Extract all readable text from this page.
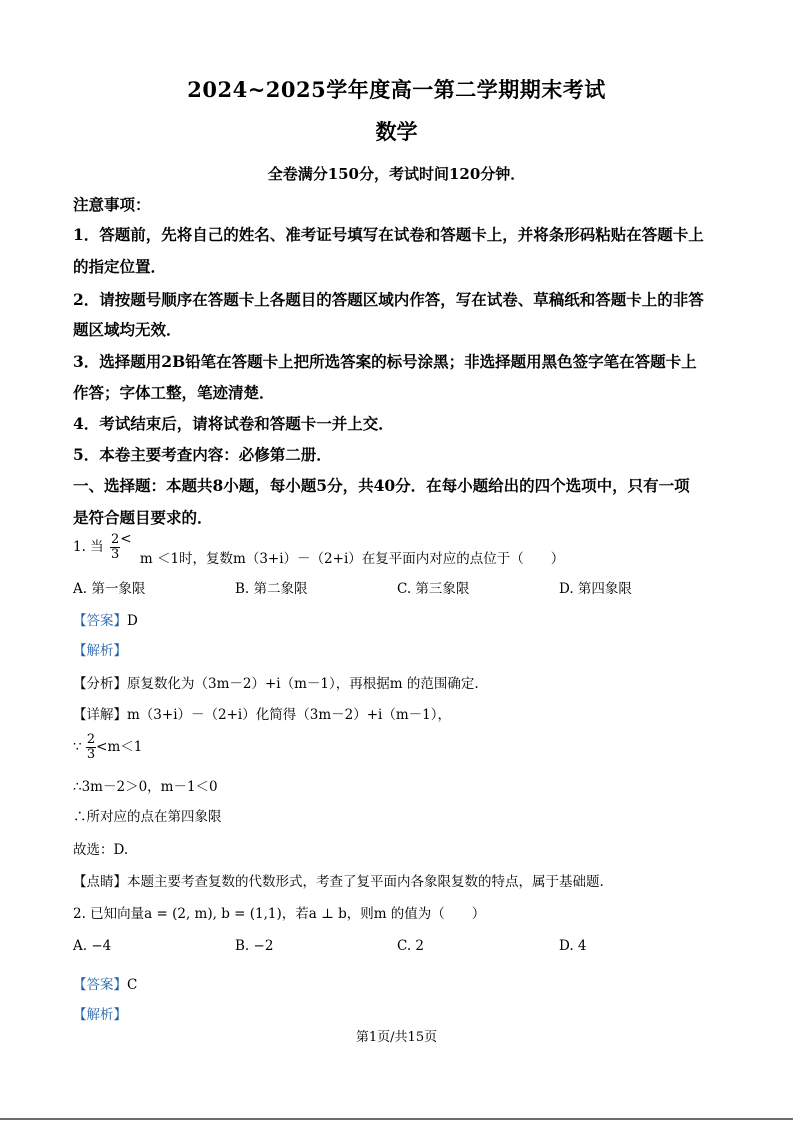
2024~2025学年度高一第二学期期末考试
数学
全卷满分150分，考试时间120分钟．
注意事项：
1．答题前，先将自己的姓名、准考证号填写在试卷和答题卡上，并将条形码粘贴在答题卡上
的指定位置．
2．请按题号顺序在答题卡上各题目的答题区域内作答，写在试卷、草稿纸和答题卡上的非答
题区域均无效．
3．选择题用2B铅笔在答题卡上把所选答案的标号涂黑；非选择题用黑色签字笔在答题卡上
作答；字体工整，笔迹清楚．
4．考试结束后，请将试卷和答题卡一并上交．
5．本卷主要考查内容：必修第二册．
一、选择题：本题共8小题，每小题5分，共40分．在每小题给出的四个选项中，只有一项
是符合题目要求的．
1. 当 $\frac{2}{3} < m <1$时，复数m（3+i）－（2+i）在复平面内对应的点位于（　　）
A. 第一象限	B. 第二象限	C. 第三象限	D. 第四象限
【答案】D
【解析】
【分析】原复数化为（3m－2）+i（m－1），再根据m 的范围确定.
【详解】m（3+i）－（2+i）化简得（3m－2）+i（m－1），
∵ $\frac{2}{3} <m<1$
∴3m－2＞0，m－1＜0
∴所对应的点在第四象限
故选：D.
【点睛】本题主要考查复数的代数形式，考查了复平面内各象限复数的特点，属于基础题.
2. 已知向量a = (2, m), b = (1,1)，若a ⊥ b，则m 的值为（　　）
A. −4	B. −2	C. 2	D. 4
【答案】C
【解析】
第1页/共15页
